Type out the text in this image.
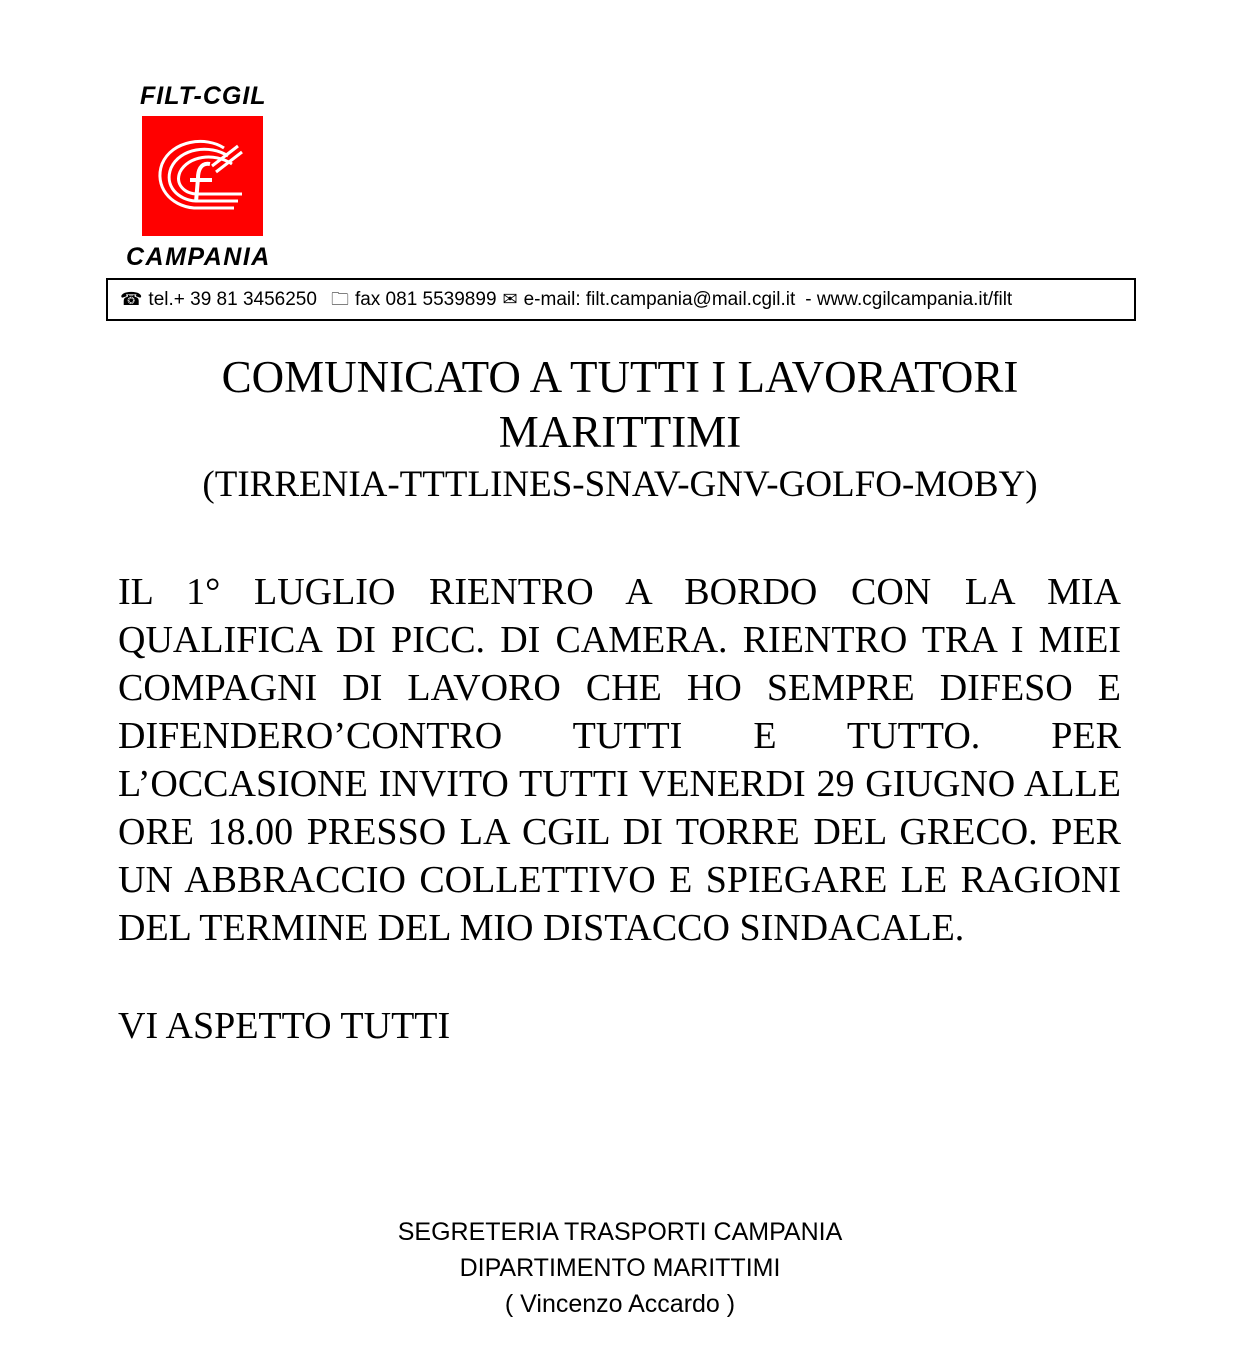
FILT-CGIL
CAMPANIA
☎ tel.+ 39 81 3456250 🗀 fax 081 5539899 ✉ e-mail: filt.campania@mail.cgil.it - www.cgilcampania.it/filt
COMUNICATO A TUTTI I LAVORATORI
MARITTIMI
(TIRRENIA-TTTLINES-SNAV-GNV-GOLFO-MOBY)

IL 1° LUGLIO RIENTRO A BORDO CON LA MIA QUALIFICA DI PICC. DI CAMERA. RIENTRO TRA I MIEI COMPAGNI DI LAVORO CHE HO SEMPRE DIFESO E DIFENDERO’CONTRO TUTTI E TUTTO. PER L’OCCASIONE INVITO TUTTI VENERDI 29 GIUGNO ALLE ORE 18.00 PRESSO LA CGIL DI TORRE DEL GRECO. PER UN ABBRACCIO COLLETTIVO E SPIEGARE LE RAGIONI DEL TERMINE DEL MIO DISTACCO SINDACALE.

VI ASPETTO TUTTI

SEGRETERIA TRASPORTI CAMPANIA
DIPARTIMENTO MARITTIMI
( Vincenzo Accardo )
